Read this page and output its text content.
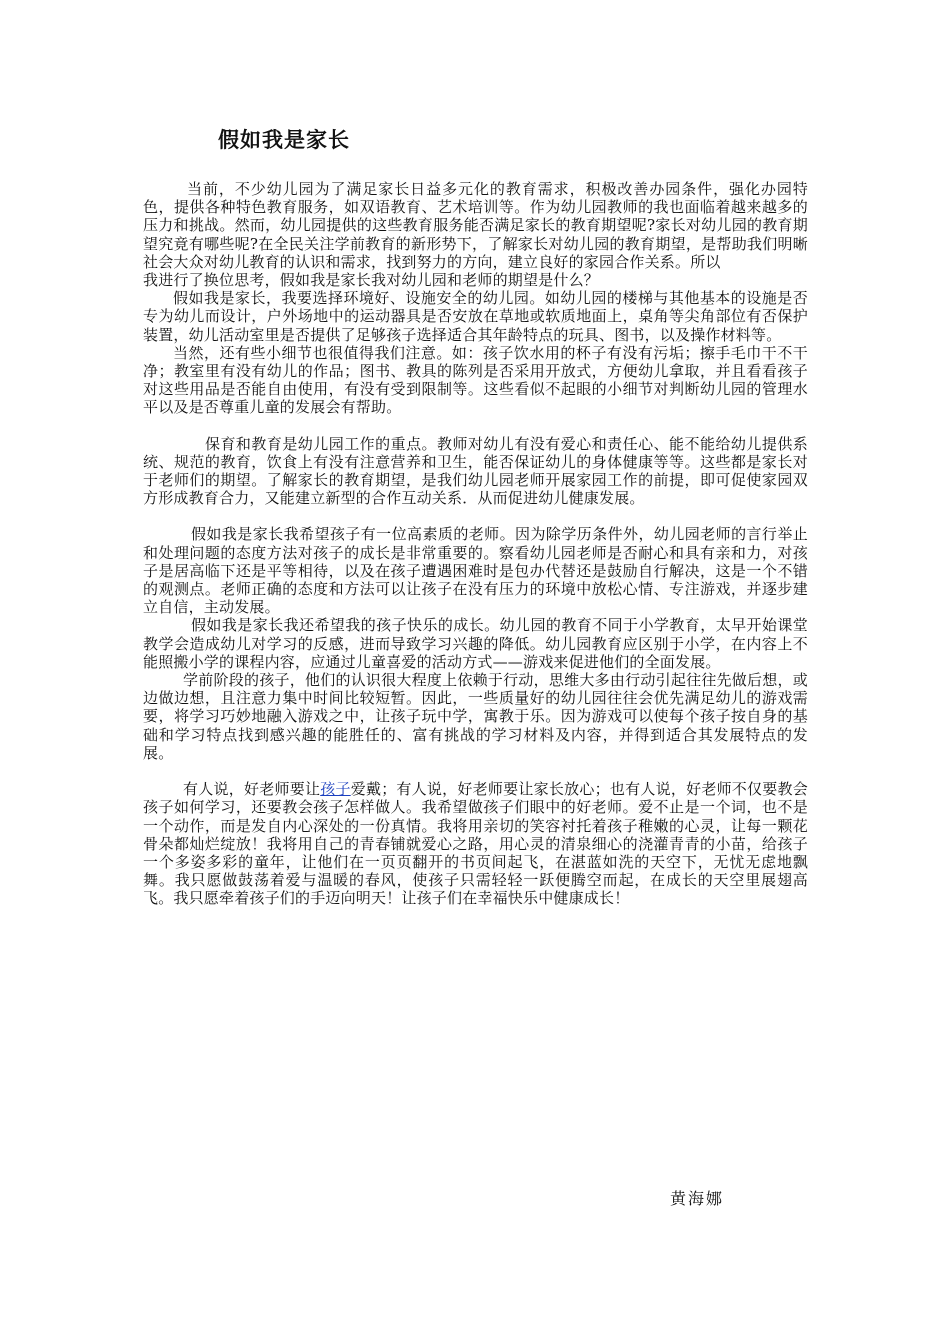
假如我是家长

当前，不少幼儿园为了满足家长日益多元化的教育需求，积极改善办园条件，强化办园特色，提供各种特色教育服务，如双语教育、艺术培训等。作为幼儿园教师的我也面临着越来越多的压力和挑战。然而，幼儿园提供的这些教育服务能否满足家长的教育期望呢?家长对幼儿园的教育期望究竟有哪些呢?在全民关注学前教育的新形势下，了解家长对幼儿园的教育期望，是帮助我们明晰社会大众对幼儿教育的认识和需求，找到努力的方向，建立良好的家园合作关系。所以

我进行了换位思考，假如我是家长我对幼儿园和老师的期望是什么？

假如我是家长，我要选择环境好、设施安全的幼儿园。如幼儿园的楼梯与其他基本的设施是否专为幼儿而设计，户外场地中的运动器具是否安放在草地或软质地面上，桌角等尖角部位有否保护装置，幼儿活动室里是否提供了足够孩子选择适合其年龄特点的玩具、图书，以及操作材料等。

当然，还有些小细节也很值得我们注意。如：孩子饮水用的杯子有没有污垢；擦手毛巾干不干净；教室里有没有幼儿的作品；图书、教具的陈列是否采用开放式，方便幼儿拿取，并且看看孩子对这些用品是否能自由使用，有没有受到限制等。这些看似不起眼的小细节对判断幼儿园的管理水平以及是否尊重儿童的发展会有帮助。

保育和教育是幼儿园工作的重点。教师对幼儿有没有爱心和责任心、能不能给幼儿提供系统、规范的教育，饮食上有没有注意营养和卫生，能否保证幼儿的身体健康等等。这些都是家长对于老师们的期望。了解家长的教育期望，是我们幼儿园老师开展家园工作的前提，即可促使家园双方形成教育合力，又能建立新型的合作互动关系．从而促进幼儿健康发展。

假如我是家长我希望孩子有一位高素质的老师。因为除学历条件外，幼儿园老师的言行举止和处理问题的态度方法对孩子的成长是非常重要的。察看幼儿园老师是否耐心和具有亲和力，对孩子是居高临下还是平等相待，以及在孩子遭遇困难时是包办代替还是鼓励自行解决，这是一个不错的观测点。老师正确的态度和方法可以让孩子在没有压力的环境中放松心情、专注游戏，并逐步建立自信，主动发展。

假如我是家长我还希望我的孩子快乐的成长。幼儿园的教育不同于小学教育，太早开始课堂教学会造成幼儿对学习的反感，进而导致学习兴趣的降低。幼儿园教育应区别于小学，在内容上不能照搬小学的课程内容，应通过儿童喜爱的活动方式——游戏来促进他们的全面发展。

学前阶段的孩子，他们的认识很大程度上依赖于行动，思维大多由行动引起往往先做后想，或边做边想，且注意力集中时间比较短暂。因此，一些质量好的幼儿园往往会优先满足幼儿的游戏需要，将学习巧妙地融入游戏之中，让孩子玩中学，寓教于乐。因为游戏可以使每个孩子按自身的基础和学习特点找到感兴趣的能胜任的、富有挑战的学习材料及内容，并得到适合其发展特点的发展。

有人说，好老师要让孩子爱戴；有人说，好老师要让家长放心；也有人说，好老师不仅要教会孩子如何学习，还要教会孩子怎样做人。我希望做孩子们眼中的好老师。爱不止是一个词，也不是一个动作，而是发自内心深处的一份真情。我将用亲切的笑容衬托着孩子稚嫩的心灵，让每一颗花骨朵都灿烂绽放！我将用自己的青春铺就爱心之路，用心灵的清泉细心的浇灌青青的小苗，给孩子一个多姿多彩的童年，让他们在一页页翻开的书页间起飞，在湛蓝如洗的天空下，无忧无虑地飘舞。我只愿做鼓荡着爱与温暖的春风，使孩子只需轻轻一跃便腾空而起，在成长的天空里展翅高飞。我只愿牵着孩子们的手迈向明天！让孩子们在幸福快乐中健康成长！

黄海娜
